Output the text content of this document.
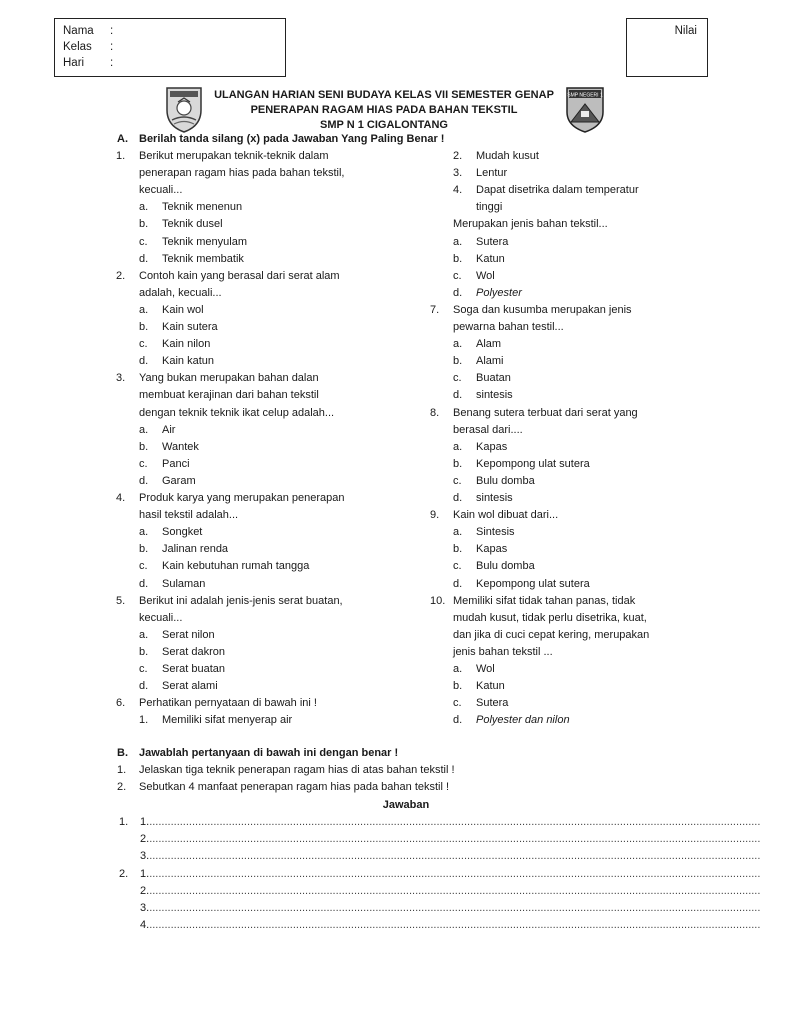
Nama :
Kelas :
Hari :
Nilai
SMP NEGERI 1
ULANGAN HARIAN SENI BUDAYA KELAS VII SEMESTER GENAP
PENERAPAN RAGAM HIAS PADA BAHAN TEKSTIL
SMP N 1 CIGALONTANG
A. Berilah tanda silang (x) pada Jawaban Yang Paling Benar !
1. Berikut merupakan teknik-teknik dalam
penerapan ragam hias pada bahan tekstil,
kecuali...
a. Teknik menenun
b. Teknik dusel
c. Teknik menyulam
d. Teknik membatik
2. Contoh kain yang berasal dari serat alam
adalah, kecuali...
a. Kain wol
b. Kain sutera
c. Kain nilon
d. Kain katun
3. Yang bukan merupakan bahan dalan
membuat kerajinan dari bahan tekstil
dengan teknik teknik ikat celup adalah...
a. Air
b. Wantek
c. Panci
d. Garam
4. Produk karya yang merupakan penerapan
hasil tekstil adalah...
a. Songket
b. Jalinan renda
c. Kain kebutuhan rumah tangga
d. Sulaman
5. Berikut ini adalah jenis-jenis serat buatan,
kecuali...
a. Serat nilon
b. Serat dakron
c. Serat buatan
d. Serat alami
6. Perhatikan pernyataan di bawah ini !
1. Memiliki sifat menyerap air
2. Mudah kusut
3. Lentur
4. Dapat disetrika dalam temperatur
tinggi
Merupakan jenis bahan tekstil...
a. Sutera
b. Katun
c. Wol
d. Polyester
7. Soga dan kusumba merupakan jenis
pewarna bahan testil...
a. Alam
b. Alami
c. Buatan
d. sintesis
8. Benang sutera terbuat dari serat yang
berasal dari....
a. Kapas
b. Kepompong ulat sutera
c. Bulu domba
d. sintesis
9. Kain wol dibuat dari...
a. Sintesis
b. Kapas
c. Bulu domba
d. Kepompong ulat sutera
10. Memiliki sifat tidak tahan panas, tidak
mudah kusut, tidak perlu disetrika, kuat,
dan jika di cuci cepat kering, merupakan
jenis bahan tekstil ...
a. Wol
b. Katun
c. Sutera
d. Polyester dan nilon
B. Jawablah pertanyaan di bawah ini dengan benar !
1. Jelaskan tiga teknik penerapan ragam hias di atas bahan tekstil !
2. Sebutkan 4 manfaat penerapan ragam hias pada bahan tekstil !
Jawaban
1. 1.........................................................................................................................................................................................................
2.........................................................................................................................................................................................................
3.........................................................................................................................................................................................................
2. 1.........................................................................................................................................................................................................
2.........................................................................................................................................................................................................
3.........................................................................................................................................................................................................
4.........................................................................................................................................................................................................
